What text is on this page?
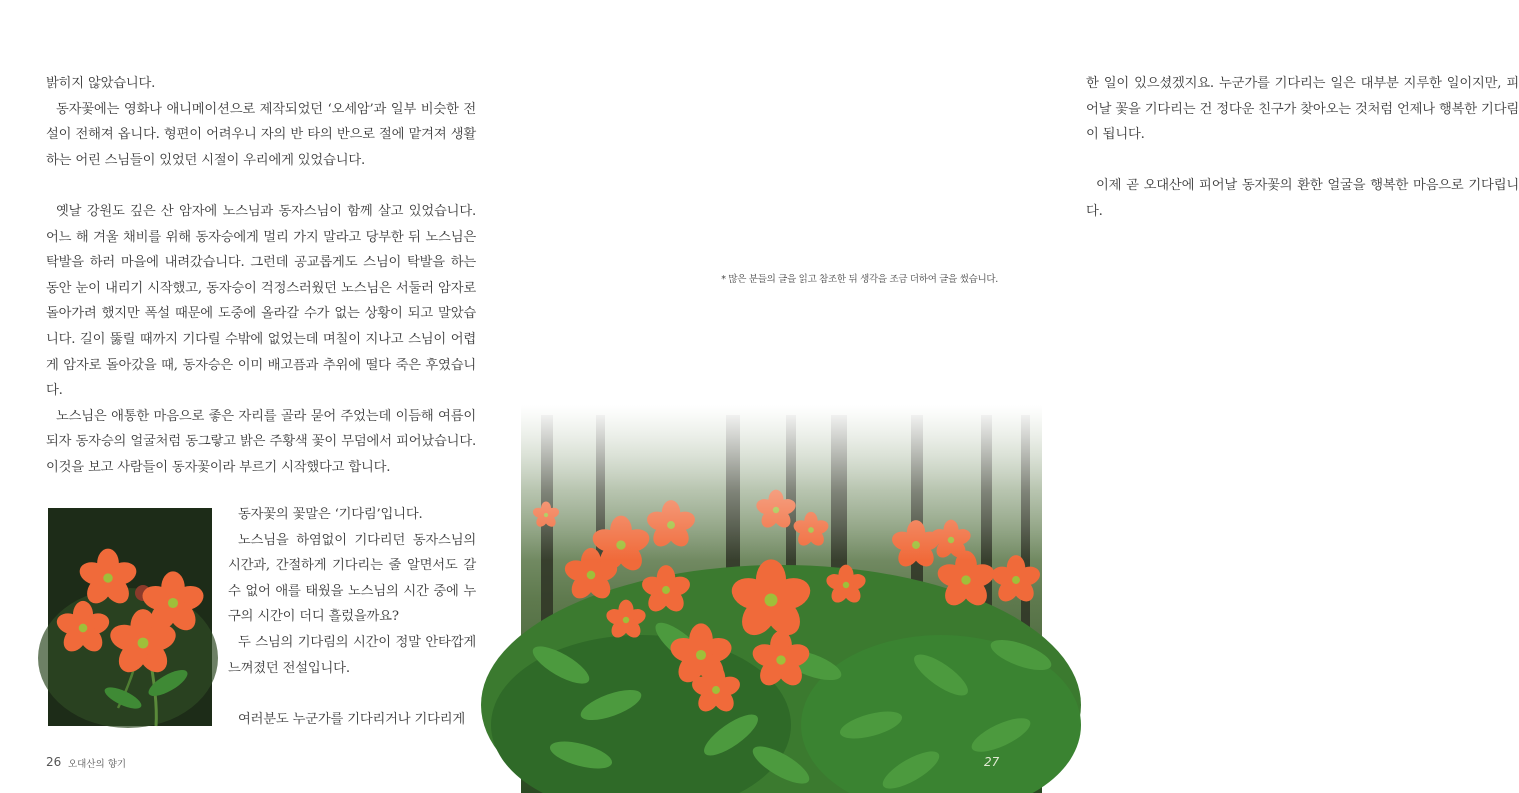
밝히지 않았습니다.

동자꽃에는 영화나 애니메이션으로 제작되었던 ‘오세암’과 일부 비슷한 전설이 전해져 옵니다. 형편이 어려우니 자의 반 타의 반으로 절에 맡겨져 생활하는 어린 스님들이 있었던 시절이 우리에게 있었습니다.

옛날 강원도 깊은 산 암자에 노스님과 동자스님이 함께 살고 있었습니다. 어느 해 겨울 채비를 위해 동자승에게 멀리 가지 말라고 당부한 뒤 노스님은 탁발을 하러 마을에 내려갔습니다. 그런데 공교롭게도 스님이 탁발을 하는 동안 눈이 내리기 시작했고, 동자승이 걱정스러웠던 노스님은 서둘러 암자로 돌아가려 했지만 폭설 때문에 도중에 올라갈 수가 없는 상황이 되고 말았습니다. 길이 뚫릴 때까지 기다릴 수밖에 없었는데 며칠이 지나고 스님이 어렵게 암자로 돌아갔을 때, 동자승은 이미 배고픔과 추위에 떨다 죽은 후였습니다.

노스님은 애통한 마음으로 좋은 자리를 골라 묻어 주었는데 이듬해 여름이 되자 동자승의 얼굴처럼 동그랗고 밝은 주황색 꽃이 무덤에서 피어났습니다. 이것을 보고 사람들이 동자꽃이라 부르기 시작했다고 합니다.

동자꽃의 꽃말은 ‘기다림’입니다.

노스님을 하염없이 기다리던 동자스님의 시간과, 간절하게 기다리는 줄 알면서도 갈 수 없어 애를 태웠을 노스님의 시간 중에 누구의 시간이 더디 흘렀을까요?

두 스님의 기다림의 시간이 정말 안타깝게 느껴졌던 전설입니다.

여러분도 누군가를 기다리거나 기다리게

26 오대산의 향기

한 일이 있으셨겠지요. 누군가를 기다리는 일은 대부분 지루한 일이지만, 피어날 꽃을 기다리는 건 정다운 친구가 찾아오는 것처럼 언제나 행복한 기다림이 됩니다.

이제 곧 오대산에 피어날 동자꽃의 환한 얼굴을 행복한 마음으로 기다립니다.

* 많은 분들의 글을 읽고 참조한 뒤 생각을 조금 더하여 글을 썼습니다.
27
